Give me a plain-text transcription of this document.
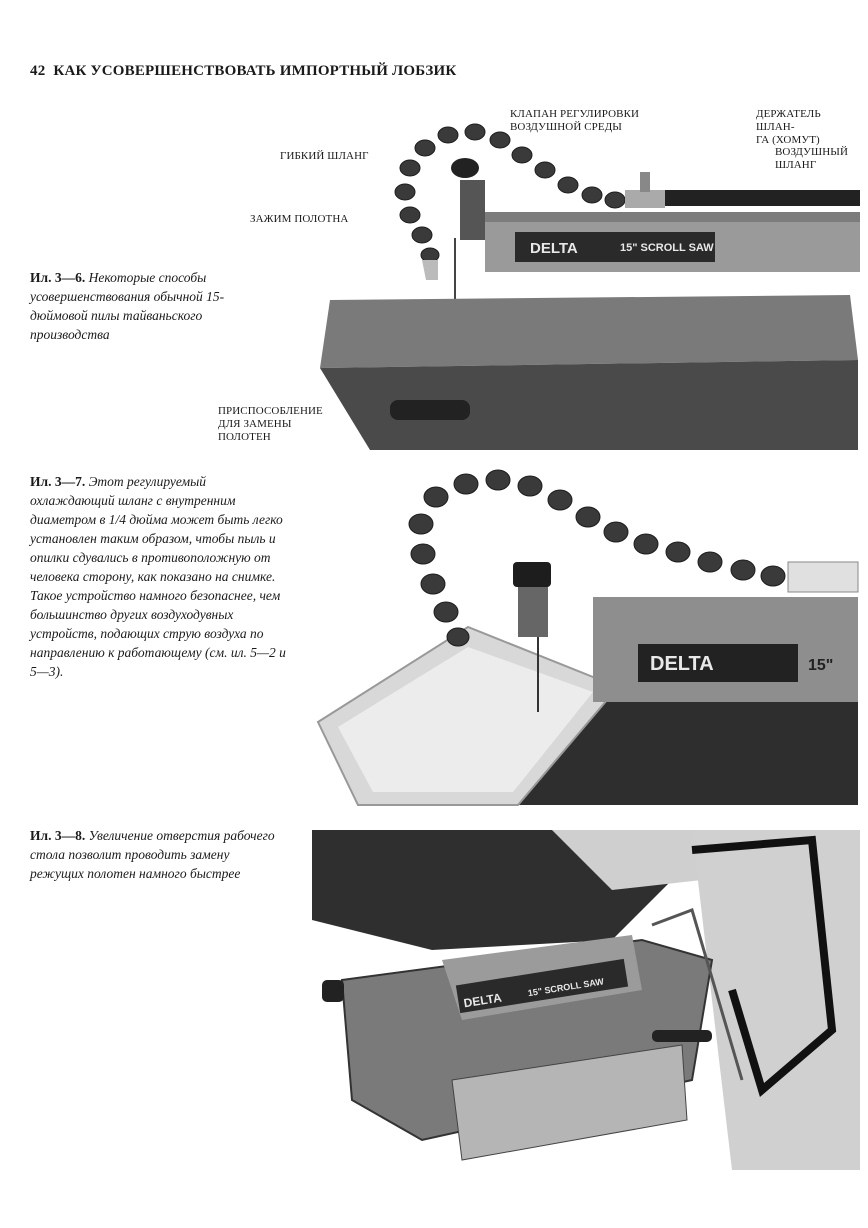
42 КАК УСОВЕРШЕНСТВОВАТЬ ИМПОРТНЫЙ ЛОБЗИК
Ил. 3—6. Некоторые способы усовершенствования обычной 15-дюймовой пилы тайваньского производства
DELTA	15" SCROLL SAW
ГИБКИЙ ШЛАНГ
ЗАЖИМ ПОЛОТНА
КЛАПАН РЕГУЛИРОВКИ
ВОЗДУШНОЙ СРЕДЫ
ДЕРЖАТЕЛЬ ШЛАН-
ГА (ХОМУТ)
ВОЗДУШНЫЙ
ШЛАНГ
ПРИСПОСОБЛЕНИЕ
ДЛЯ ЗАМЕНЫ
ПОЛОТЕН
Ил. 3—7. Этот регулируемый охлаждающий шланг с внутренним диаметром в 1/4 дюйма может быть легко установлен таким образом, чтобы пыль и опилки сдувались в противоположную от человека сторону, как показано на снимке. Такое устройство намного безопаснее, чем большинство других воздуходувных устройств, подающих струю воздуха по направлению к работающему (см. ил. 5—2 и 5—3).	DELTA	15"
Ил. 3—8. Увеличение отверстия рабочего стола позволит проводить замену режущих полотен намного быстрее
DELTA
15" SCROLL SAW
